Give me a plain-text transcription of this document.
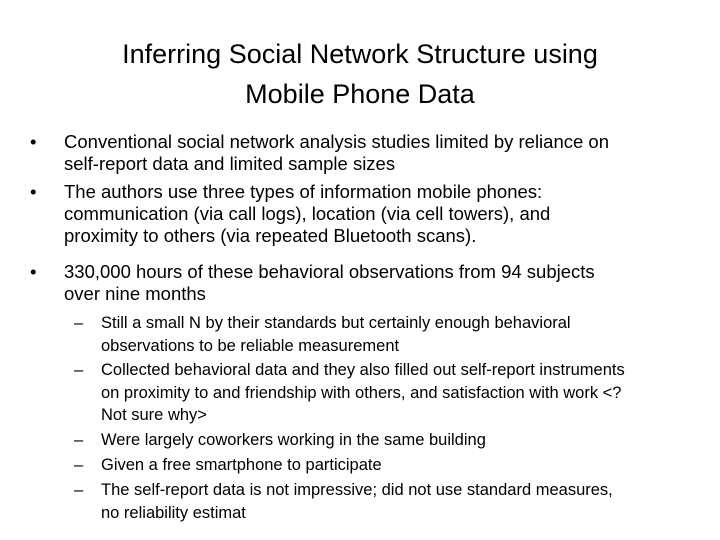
Inferring Social Network Structure using
Mobile Phone Data
• Conventional social network analysis studies limited by reliance on
self-report data and limited sample sizes
• The authors use three types of information mobile phones:
communication (via call logs), location (via cell towers), and
proximity to others (via repeated Bluetooth scans).
• 330,000 hours of these behavioral observations from 94 subjects
over nine months
– Still a small N by their standards but certainly enough behavioral
observations to be reliable measurement
– Collected behavioral data and they also filled out self-report instruments
on proximity to and friendship with others, and satisfaction with work <?
Not sure why>
– Were largely coworkers working in the same building
– Given a free smartphone to participate
– The self-report data is not impressive; did not use standard measures,
no reliability estimat
